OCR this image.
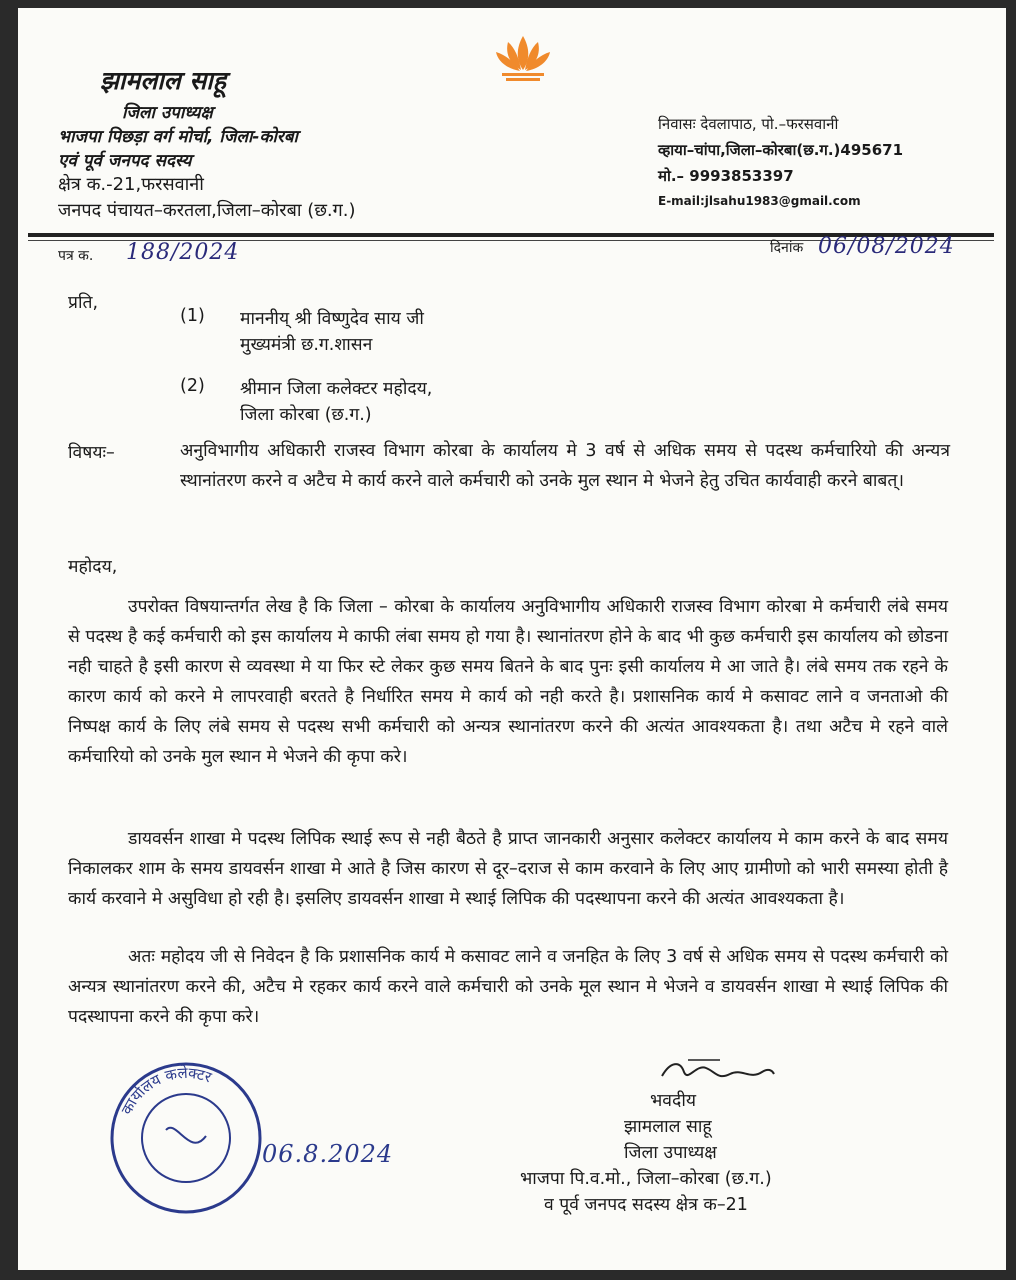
झामलाल साहू
जिला उपाध्यक्ष
भाजपा पिछड़ा वर्ग मोर्चा, जिला-कोरबा
एवं पूर्व जनपद सदस्य
क्षेत्र क.-21,फरसवानी
जनपद पंचायत–करतला,जिला–कोरबा (छ.ग.)
निवासः देवलापाठ, पो.–फरसवानी
व्हाया–चांपा,जिला–कोरबा(छ.ग.)495671
मो.– 9993853397
E-mail:jlsahu1983@gmail.com
पत्र क. 188/2024	दिनांक 06/08/2024
प्रति,
(1) माननीय् श्री विष्णुदेव साय जी
मुख्यमंत्री छ.ग.शासन
(2) श्रीमान जिला कलेक्टर महोदय,
जिला कोरबा (छ.ग.)
विषयः–	अनुविभागीय अधिकारी राजस्व विभाग कोरबा के कार्यालय मे 3 वर्ष से अधिक समय से पदस्थ कर्मचारियो की अन्यत्र स्थानांतरण करने व अटैच मे कार्य करने वाले कर्मचारी को उनके मुल स्थान मे भेजने हेतु उचित कार्यवाही करने बाबत्।
महोदय,
उपरोक्त विषयान्तर्गत लेख है कि जिला – कोरबा के कार्यालय अनुविभागीय अधिकारी राजस्व विभाग कोरबा मे कर्मचारी लंबे समय से पदस्थ है कई कर्मचारी को इस कार्यालय मे काफी लंबा समय हो गया है। स्थानांतरण होने के बाद भी कुछ कर्मचारी इस कार्यालय को छोडना नही चाहते है इसी कारण से व्यवस्था मे या फिर स्टे लेकर कुछ समय बितने के बाद पुनः इसी कार्यालय मे आ जाते है। लंबे समय तक रहने के कारण कार्य को करने मे लापरवाही बरतते है निर्धारित समय मे कार्य को नही करते है। प्रशासनिक कार्य मे कसावट लाने व जनताओ की निष्पक्ष कार्य के लिए लंबे समय से पदस्थ सभी कर्मचारी को अन्यत्र स्थानांतरण करने की अत्यंत आवश्यकता है। तथा अटैच मे रहने वाले कर्मचारियो को उनके मुल स्थान मे भेजने की कृपा करे।
डायवर्सन शाखा मे पदस्थ लिपिक स्थाई रूप से नही बैठते है प्राप्त जानकारी अनुसार कलेक्टर कार्यालय मे काम करने के बाद समय निकालकर शाम के समय डायवर्सन शाखा मे आते है जिस कारण से दूर–दराज से काम करवाने के लिए आए ग्रामीणो को भारी समस्या होती है कार्य करवाने मे असुविधा हो रही है। इसलिए डायवर्सन शाखा मे स्थाई लिपिक की पदस्थापना करने की अत्यंत आवश्यकता है।
अतः महोदय जी से निवेदन है कि प्रशासनिक कार्य मे कसावट लाने व जनहित के लिए 3 वर्ष से अधिक समय से पदस्थ कर्मचारी को अन्यत्र स्थानांतरण करने की, अटैच मे रहकर कार्य करने वाले कर्मचारी को उनके मूल स्थान मे भेजने व डायवर्सन शाखा मे स्थाई लिपिक की पदस्थापना करने की कृपा करे।
भवदीय
झामलाल साहू
जिला उपाध्यक्ष
भाजपा पि.व.मो., जिला–कोरबा (छ.ग.)
व पूर्व जनपद सदस्य क्षेत्र क–21
कार्यालय कलेक्टर
06.8.2024
